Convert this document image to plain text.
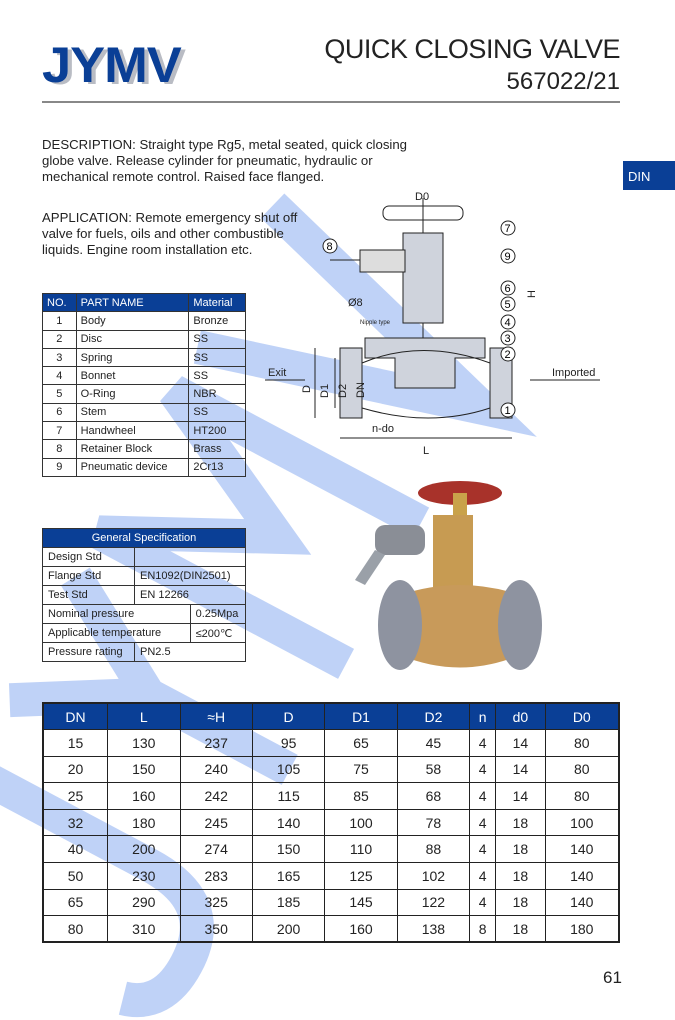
JYMV	QUICK CLOSING VALVE
567022/21
DIN
DESCRIPTION: Straight type Rg5, metal seated, quick closing globe valve. Release cylinder for pneumatic, hydraulic or mechanical remote control. Raised face flanged.
APPLICATION: Remote emergency shut off valve for fuels, oils and other combustible liquids. Engine room installation etc.
NO.	PART NAME	Material
1	Body	Bronze
2	Disc	SS
3	Spring	SS
4	Bonnet	SS
5	O-Ring	NBR
6	Stem	SS
7	Handwheel	HT200
8	Retainer Block	Brass
9	Pneumatic device	2Cr13
General Specification		
Design Std		
Flange Std	EN1092(DIN2501)	
Test Std	EN 12266	
Nominal pressure		0.25Mpa
Applicable temperature		≤200℃
Pressure rating	PN2.5	
DN	L	≈H	D	D1	D2	n	d0	D0
15	130	237	95	65	45	4	14	80
20	150	240	105	75	58	4	14	80
25	160	242	115	85	68	4	14	80
32	180	245	140	100	78	4	18	100
40	200	274	150	110	88	4	18	140
50	230	283	165	125	102	4	18	140
65	290	325	185	145	122	4	18	140
80	310	350	200	160	138	8	18	180
D0
Exit	Imported
D D1 D2 DN
L
n-do
H
Ø8
Nipple type
1
2
3
4
5
6
7
8
9
61
